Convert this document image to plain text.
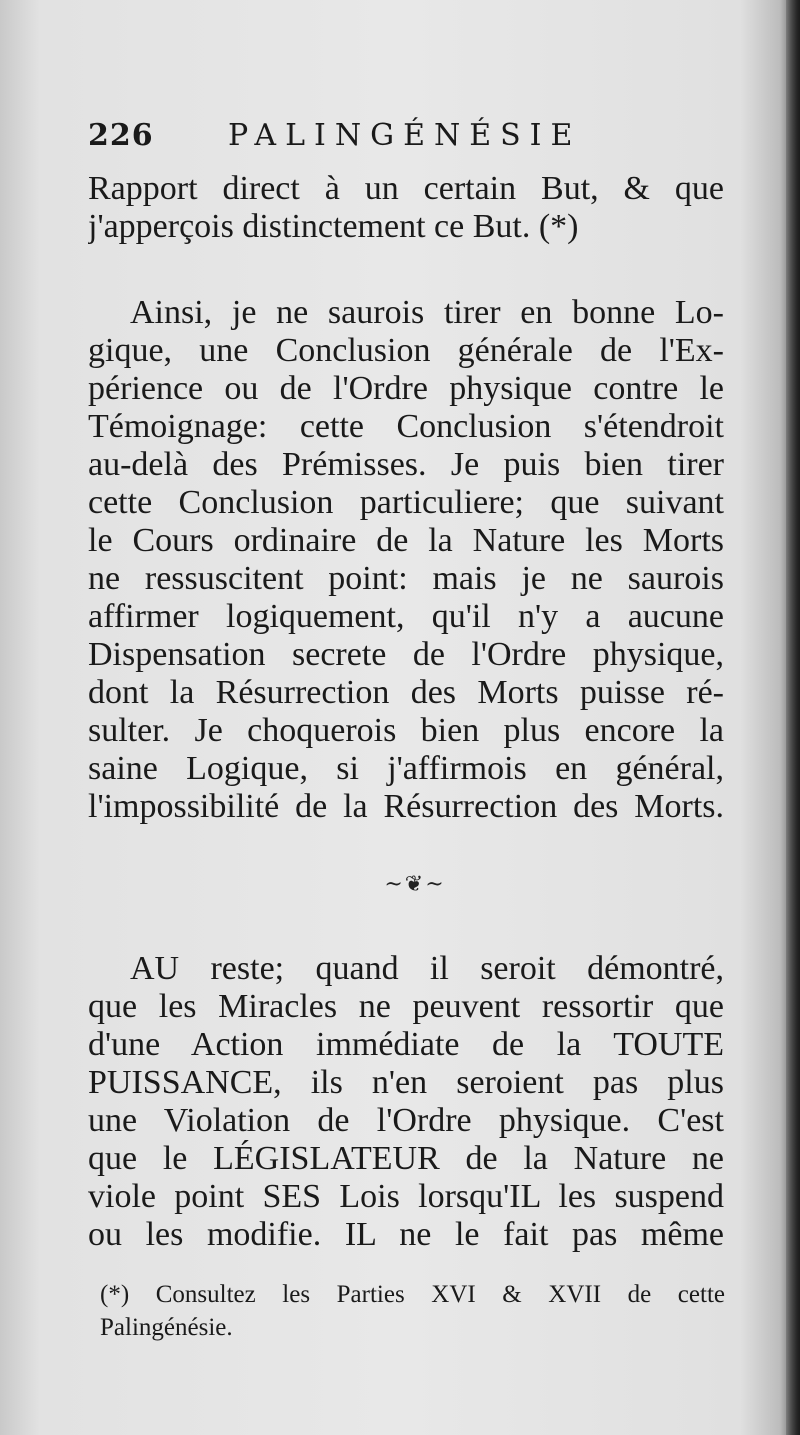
226 PALINGÉNÉSIE
Rapport direct à un certain But, & que
j'apperçois distinctement ce But. (*)
Ainsi, je ne saurois tirer en bonne Lo-
gique, une Conclusion générale de l'Ex-
périence ou de l'Ordre physique contre le
Témoignage: cette Conclusion s'étendroit
au-delà des Prémisses. Je puis bien tirer
cette Conclusion particuliere; que suivant
le Cours ordinaire de la Nature les Morts
ne ressuscitent point: mais je ne saurois
affirmer logiquement, qu'il n'y a aucune
Dispensation secrete de l'Ordre physique,
dont la Résurrection des Morts puisse ré-
sulter. Je choquerois bien plus encore la
saine Logique, si j'affirmois en général,
l'impossibilité de la Résurrection des Morts.
~❦~
AU reste; quand il seroit démontré,
que les Miracles ne peuvent ressortir que
d'une Action immédiate de la TOUTE
PUISSANCE, ils n'en seroient pas plus
une Violation de l'Ordre physique. C'est
que le LÉGISLATEUR de la Nature ne
viole point SES Lois lorsqu'IL les suspend
ou les modifie. IL ne le fait pas même
(*) Consultez les Parties XVI & XVII de cette
Palingénésie.
